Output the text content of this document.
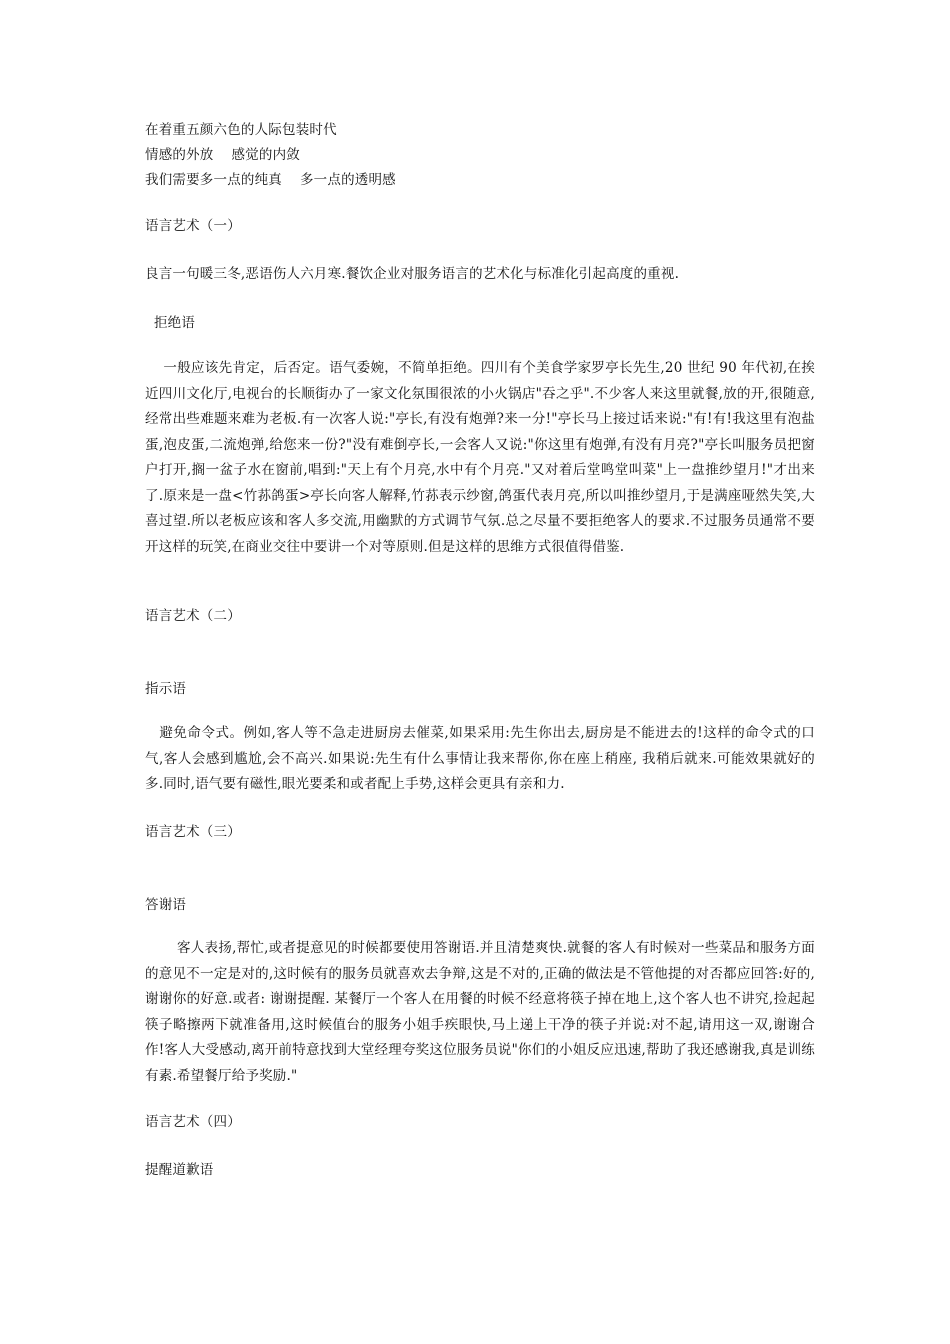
在着重五颜六色的人际包装时代
情感的外放    感觉的内敛
我们需要多一点的纯真    多一点的透明感
语言艺术（一）
良言一句暖三冬,恶语伤人六月寒.餐饮企业对服务语言的艺术化与标准化引起高度的重视.
拒绝语
一般应该先肯定，后否定。语气委婉，不简单拒绝。四川有个美食学家罗亭长先生,20 世纪 90 年代初,在挨近四川文化厅,电视台的长顺街办了一家文化氛围很浓的小火锅店"吞之乎".不少客人来这里就餐,放的开,很随意,经常出些难题来难为老板.有一次客人说:"亭长,有没有炮弹?来一分!"亭长马上接过话来说:"有!有!我这里有泡盐蛋,泡皮蛋,二流炮弹,给您来一份?"没有难倒亭长,一会客人又说:"你这里有炮弹,有没有月亮?"亭长叫服务员把窗户打开,搁一盆子水在窗前,唱到:"天上有个月亮,水中有个月亮."又对着后堂鸣堂叫菜"上一盘推纱望月!"才出来了.原来是一盘<竹荪鸽蛋>亭长向客人解释,竹荪表示纱窗,鸽蛋代表月亮,所以叫推纱望月,于是满座哑然失笑,大喜过望.所以老板应该和客人多交流,用幽默的方式调节气氛.总之尽量不要拒绝客人的要求.不过服务员通常不要开这样的玩笑,在商业交往中要讲一个对等原则.但是这样的思维方式很值得借鉴.
语言艺术（二）
指示语
避免命令式。例如,客人等不急走进厨房去催菜,如果采用:先生你出去,厨房是不能进去的!这样的命令式的口气,客人会感到尴尬,会不高兴.如果说:先生有什么事情让我来帮你,你在座上稍座, 我稍后就来.可能效果就好的多.同时,语气要有磁性,眼光要柔和或者配上手势,这样会更具有亲和力.
语言艺术（三）
答谢语
客人表扬,帮忙,或者提意见的时候都要使用答谢语.并且清楚爽快.就餐的客人有时候对一些菜品和服务方面的意见不一定是对的,这时候有的服务员就喜欢去争辩,这是不对的,正确的做法是不管他提的对否都应回答:好的,谢谢你的好意.或者: 谢谢提醒. 某餐厅一个客人在用餐的时候不经意将筷子掉在地上,这个客人也不讲究,捡起起筷子略擦两下就准备用,这时候值台的服务小姐手疾眼快,马上递上干净的筷子并说:对不起,请用这一双,谢谢合作!客人大受感动,离开前特意找到大堂经理夸奖这位服务员说"你们的小姐反应迅速,帮助了我还感谢我,真是训练有素.希望餐厅给予奖励."
语言艺术（四）
提醒道歉语
